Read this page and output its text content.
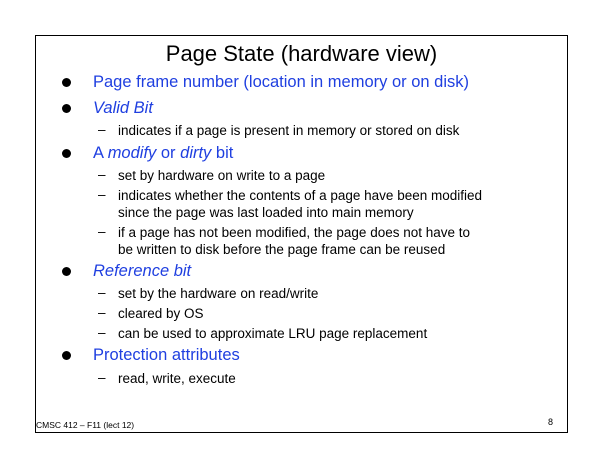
Page State (hardware view)
Page frame number (location in memory or on disk)
Valid Bit
– indicates if a page is present in memory or stored on disk
A modify or dirty bit
– set by hardware on write to a page
– indicates whether the contents of a page have been modified
since the page was last loaded into main memory
– if a page has not been modified, the page does not have to
be written to disk before the page frame can be reused
Reference bit
– set by the hardware on read/write
– cleared by OS
– can be used to approximate LRU page replacement
Protection attributes
– read, write, execute
CMSC 412 – F11 (lect 12)	8
